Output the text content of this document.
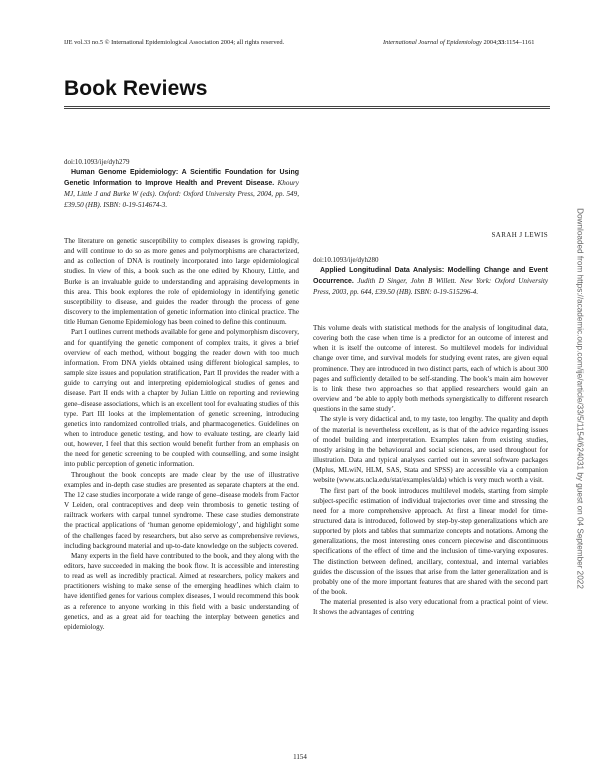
IJE vol.33 no.5 © International Epidemiological Association 2004; all rights reserved.	International Journal of Epidemiology 2004;33:1154–1161
Book Reviews

doi:10.1093/ije/dyh279

Human Genome Epidemiology: A Scientific Foundation for Using Genetic Information to Improve Health and Prevent Disease. Khoury MJ, Little J and Burke W (eds). Oxford: Oxford University Press, 2004, pp. 549, £39.50 (HB). ISBN: 0-19-514674-3.

The literature on genetic susceptibility to complex diseases is growing rapidly, and will continue to do so as more genes and polymorphisms are characterized, and as collection of DNA is routinely incorporated into large epidemiological studies. In view of this, a book such as the one edited by Khoury, Little, and Burke is an invaluable guide to understanding and appraising developments in this area. This book explores the role of epidemiology in identifying genetic susceptibility to disease, and guides the reader through the process of gene discovery to the implementation of genetic information into clinical practice. The title Human Genome Epidemiology has been coined to define this continuum.

Part I outlines current methods available for gene and polymorphism discovery, and for quantifying the genetic component of complex traits, it gives a brief overview of each method, without bogging the reader down with too much information. From DNA yields obtained using different biological samples, to sample size issues and population stratification, Part II provides the reader with a guide to carrying out and interpreting epidemiological studies of genes and disease. Part II ends with a chapter by Julian Little on reporting and reviewing gene–disease associations, which is an excellent tool for evaluating studies of this type. Part III looks at the implementation of genetic screening, introducing genetics into randomized controlled trials, and pharmacogenetics. Guidelines on when to introduce genetic testing, and how to evaluate testing, are clearly laid out, however, I feel that this section would benefit further from an emphasis on the need for genetic screening to be coupled with counselling, and some insight into public perception of genetic information.

Throughout the book concepts are made clear by the use of illustrative examples and in-depth case studies are presented as separate chapters at the end. The 12 case studies incorporate a wide range of gene–disease models from Factor V Leiden, oral contraceptives and deep vein thrombosis to genetic testing of railtrack workers with carpal tunnel syndrome. These case studies demonstrate the practical applications of ‘human genome epidemiology’, and highlight some of the challenges faced by researchers, but also serve as comprehensive reviews, including background material and up-to-date knowledge on the subjects covered.

Many experts in the field have contributed to the book, and they along with the editors, have succeeded in making the book flow. It is accessible and interesting to read as well as incredibly practical. Aimed at researchers, policy makers and practitioners wishing to make sense of the emerging headlines which claim to have identified genes for various complex diseases, I would recommend this book as a reference to anyone working in this field with a basic understanding of genetics, and as a great aid for teaching the interplay between genetics and epidemiology.

SARAH J LEWIS

doi:10.1093/ije/dyh280

Applied Longitudinal Data Analysis: Modelling Change and Event Occurrence. Judith D Singer, John B Willett. New York: Oxford University Press, 2003, pp. 644, £39.50 (HB). ISBN: 0-19-515296-4.

This volume deals with statistical methods for the analysis of longitudinal data, covering both the case when time is a predictor for an outcome of interest and when it is itself the outcome of interest. So multilevel models for individual change over time, and survival models for studying event rates, are given equal prominence. They are introduced in two distinct parts, each of which is about 300 pages and sufficiently detailed to be self-standing. The book’s main aim however is to link these two approaches so that applied researchers would gain an overview and ‘be able to apply both methods synergistically to different research questions in the same study’.

The style is very didactical and, to my taste, too lengthy. The quality and depth of the material is nevertheless excellent, as is that of the advice regarding issues of model building and interpretation. Examples taken from existing studies, mostly arising in the behavioural and social sciences, are used throughout for illustration. Data and typical analyses carried out in several software packages (Mplus, MLwiN, HLM, SAS, Stata and SPSS) are accessible via a companion website (www.ats.ucla.edu/stat/examples/alda) which is very much worth a visit.

The first part of the book introduces multilevel models, starting from simple subject-specific estimation of individual trajectories over time and stressing the need for a more comprehensive approach. At first a linear model for time-structured data is introduced, followed by step-by-step generalizations which are supported by plots and tables that summarize concepts and notations. Among the generalizations, the most interesting ones concern piecewise and discontinuous specifications of the effect of time and the inclusion of time-varying exposures. The distinction between defined, ancillary, contextual, and internal variables guides the discussion of the issues that arise from the latter generalization and is probably one of the more important features that are shared with the second part of the book.

The material presented is also very educational from a practical point of view. It shows the advantages of centring

1154
Downloaded from https://academic.oup.com/ije/article/33/5/1154/624031 by guest on 04 September 2022
